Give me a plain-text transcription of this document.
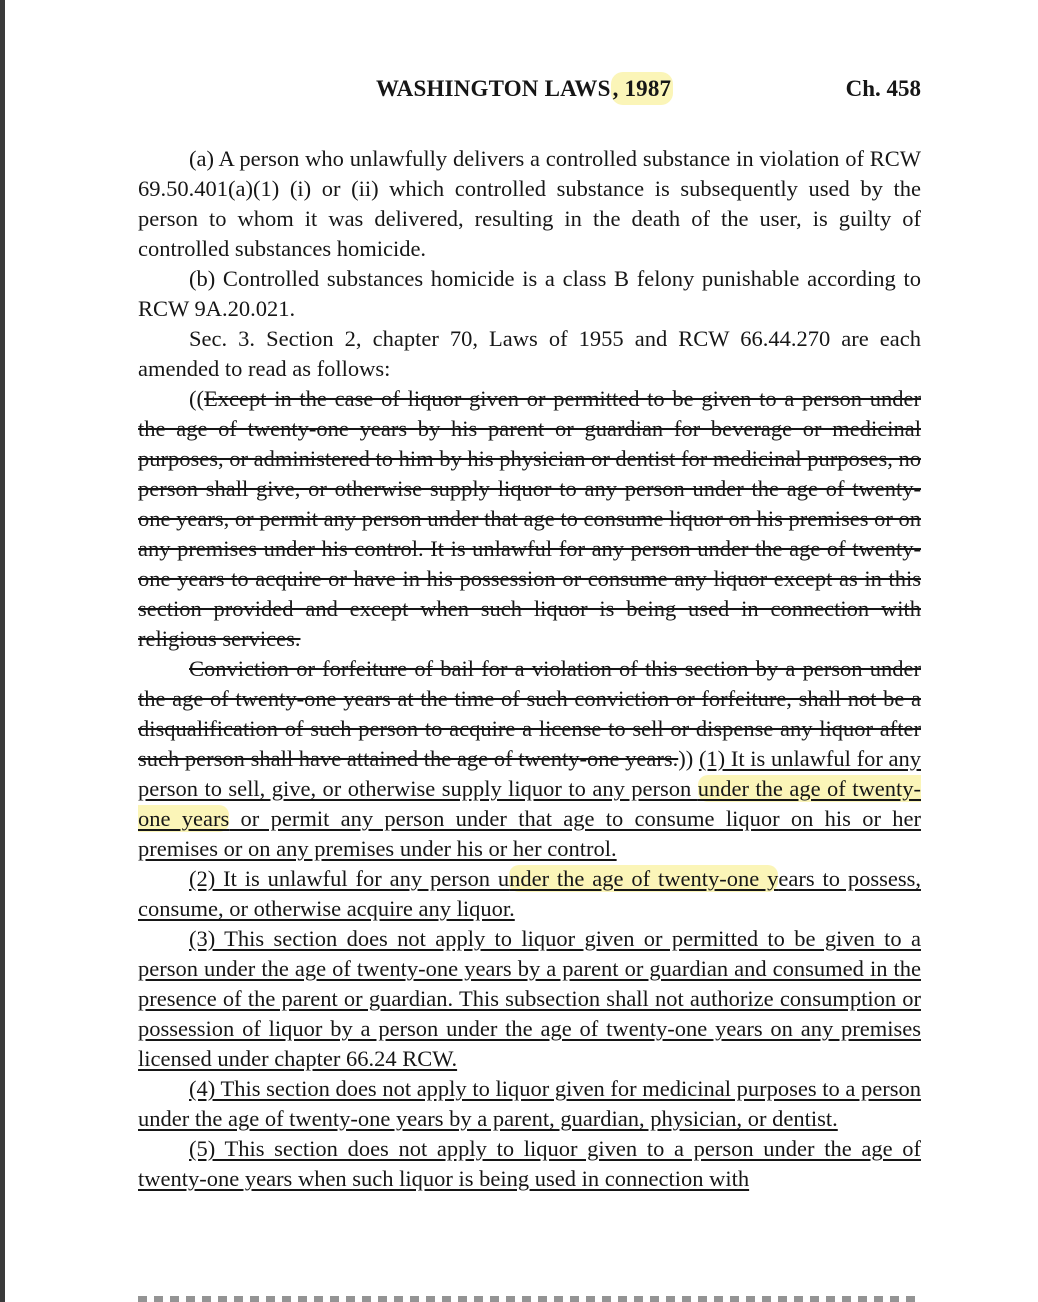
WASHINGTON LAWS, 1987	Ch. 458

(a) A person who unlawfully delivers a controlled substance in violation of RCW 69.50.401(a)(1) (i) or (ii) which controlled substance is subsequently used by the person to whom it was delivered, resulting in the death of the user, is guilty of controlled substances homicide.

(b) Controlled substances homicide is a class B felony punishable according to RCW 9A.20.021.

Sec. 3. Section 2, chapter 70, Laws of 1955 and RCW 66.44.270 are each amended to read as follows:

((Except in the case of liquor given or permitted to be given to a person under the age of twenty-one years by his parent or guardian for beverage or medicinal purposes, or administered to him by his physician or dentist for medicinal purposes, no person shall give, or otherwise supply liquor to any person under the age of twenty-one years, or permit any person under that age to consume liquor on his premises or on any premises under his control. It is unlawful for any person under the age of twenty-one years to acquire or have in his possession or consume any liquor except as in this section provided and except when such liquor is being used in connection with religious services.

Conviction or forfeiture of bail for a violation of this section by a person under the age of twenty-one years at the time of such conviction or forfeiture, shall not be a disqualification of such person to acquire a license to sell or dispense any liquor after such person shall have attained the age of twenty-one years.)) (1) It is unlawful for any person to sell, give, or otherwise supply liquor to any person under the age of twenty-one years or permit any person under that age to consume liquor on his or her premises or on any premises under his or her control.

(2) It is unlawful for any person under the age of twenty-one years to possess, consume, or otherwise acquire any liquor.

(3) This section does not apply to liquor given or permitted to be given to a person under the age of twenty-one years by a parent or guardian and consumed in the presence of the parent or guardian. This subsection shall not authorize consumption or possession of liquor by a person under the age of twenty-one years on any premises licensed under chapter 66.24 RCW.

(4) This section does not apply to liquor given for medicinal purposes to a person under the age of twenty-one years by a parent, guardian, physician, or dentist.

(5) This section does not apply to liquor given to a person under the age of twenty-one years when such liquor is being used in connection with
